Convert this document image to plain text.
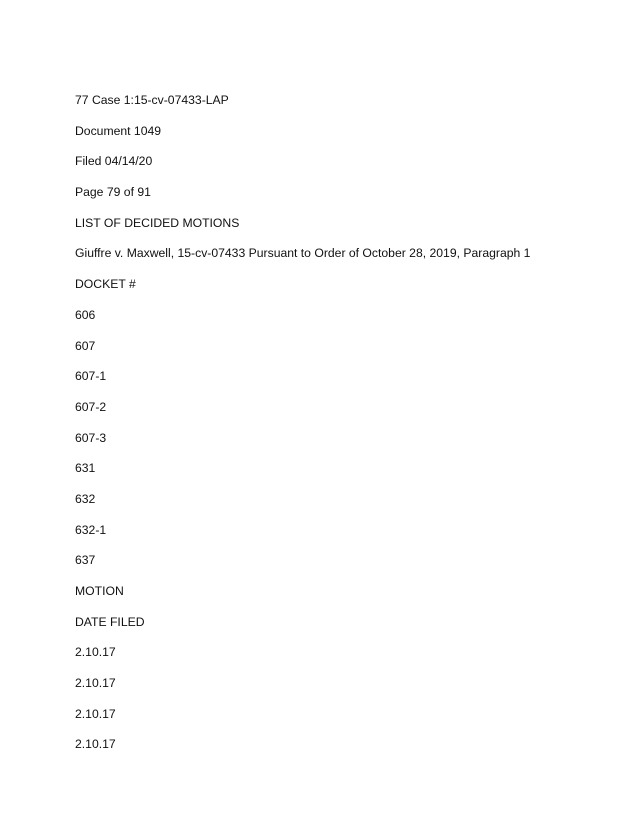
77 Case 1:15-cv-07433-LAP
Document 1049
Filed 04/14/20
Page 79 of 91
LIST OF DECIDED MOTIONS
Giuffre v. Maxwell, 15-cv-07433 Pursuant to Order of October 28, 2019, Paragraph 1
DOCKET #
606
607
607-1
607-2
607-3
631
632
632-1
637
MOTION
DATE FILED
2.10.17
2.10.17
2.10.17
2.10.17
